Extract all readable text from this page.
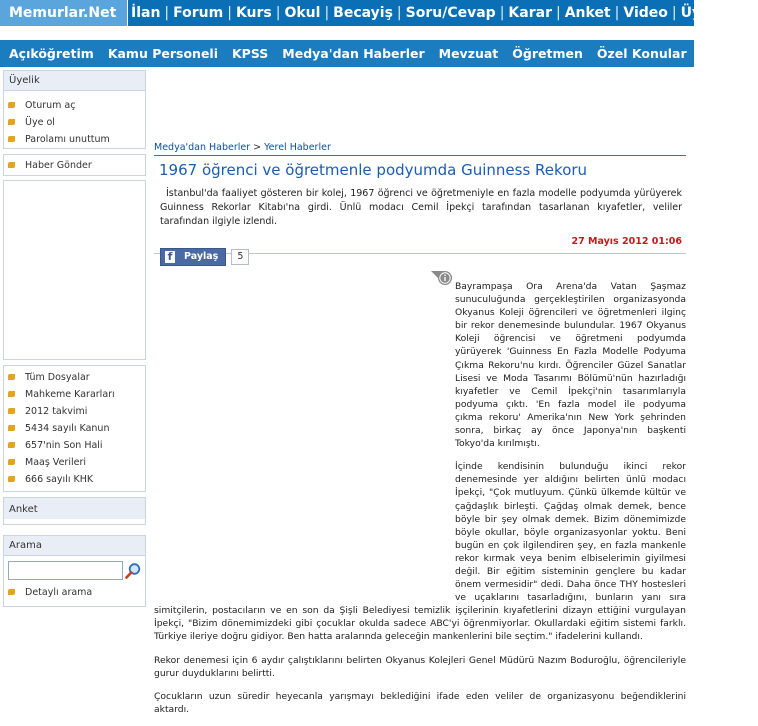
Memurlar.Net	İlan | Forum | Kurs | Okul | Becayiş | Soru/Cevap | Karar | Anket | Video | Üye
Açıköğretim Kamu Personeli KPSS Medya'dan Haberler Mevzuat Öğretmen Özel Konular Sınavlar
Üyelik
Oturum aç
Üye ol
Parolamı unuttum
Haber Gönder
Tüm Dosyalar
Mahkeme Kararları
2012 takvimi
5434 sayılı Kanun
657'nin Son Hali
Maaş Verileri
666 sayılı KHK
Anket
Arama
Detaylı arama
Medya'dan Haberler > Yerel Haberler
1967 öğrenci ve öğretmenle podyumda Guinness Rekoru
İstanbul'da faaliyet gösteren bir kolej, 1967 öğrenci ve öğretmeniyle en fazla modelle podyumda yürüyerek Guinness Rekorlar Kitabı'na girdi. Ünlü modacı Cemil İpekçi tarafından tasarlanan kıyafetler, veliler tarafından ilgiyle izlendi.
27 Mayıs 2012 01:06
f Paylaş	5

Bayrampaşa Ora Arena'da Vatan Şaşmaz sunuculuğunda gerçekleştirilen organizasyonda Okyanus Koleji öğrencileri ve öğretmenleri ilginç bir rekor denemesinde bulundular. 1967 Okyanus Koleji öğrencisi ve öğretmeni podyumda yürüyerek 'Guinness En Fazla Modelle Podyuma Çıkma Rekoru'nu kırdı. Öğrenciler Güzel Sanatlar Lisesi ve Moda Tasarımı Bölümü'nün hazırladığı kıyafetler ve Cemil İpekçi'nin tasarımlarıyla podyuma çıktı. 'En fazla model ile podyuma çıkma rekoru' Amerika'nın New York şehrinden sonra, birkaç ay önce Japonya'nın başkenti Tokyo'da kırılmıştı.

İçinde kendisinin bulunduğu ikinci rekor denemesinde yer aldığını belirten ünlü modacı İpekçi, "Çok mutluyum. Çünkü ülkemde kültür ve çağdaşlık birleşti. Çağdaş olmak demek, bence böyle bir şey olmak demek. Bizim dönemimizde böyle okullar, böyle organizasyonlar yoktu. Beni bugün en çok ilgilendiren şey, en fazla mankenle rekor kırmak veya benim elbiselerimin giyilmesi değil. Bir eğitim sisteminin gençlere bu kadar önem vermesidir" dedi. Daha önce THY hostesleri ve uçaklarını tasarladığını, bunların yanı sıra simitçilerin, postacıların ve en son da Şişli Belediyesi temizlik işçilerinin kıyafetlerini dizayn ettiğini vurgulayan İpekçi, "Bizim dönemimizdeki gibi çocuklar okulda sadece ABC'yi öğrenmiyorlar. Okullardaki eğitim sistemi farklı. Türkiye ileriye doğru gidiyor. Ben hatta aralarında geleceğin mankenlerini bile seçtim." ifadelerini kullandı.

Rekor denemesi için 6 aydır çalıştıklarını belirten Okyanus Kolejleri Genel Müdürü Nazım Boduroğlu, öğrencileriyle gurur duyduklarını belirtti.

Çocukların uzun süredir heyecanla yarışmayı beklediğini ifade eden veliler de organizasyonu beğendiklerini aktardı.
